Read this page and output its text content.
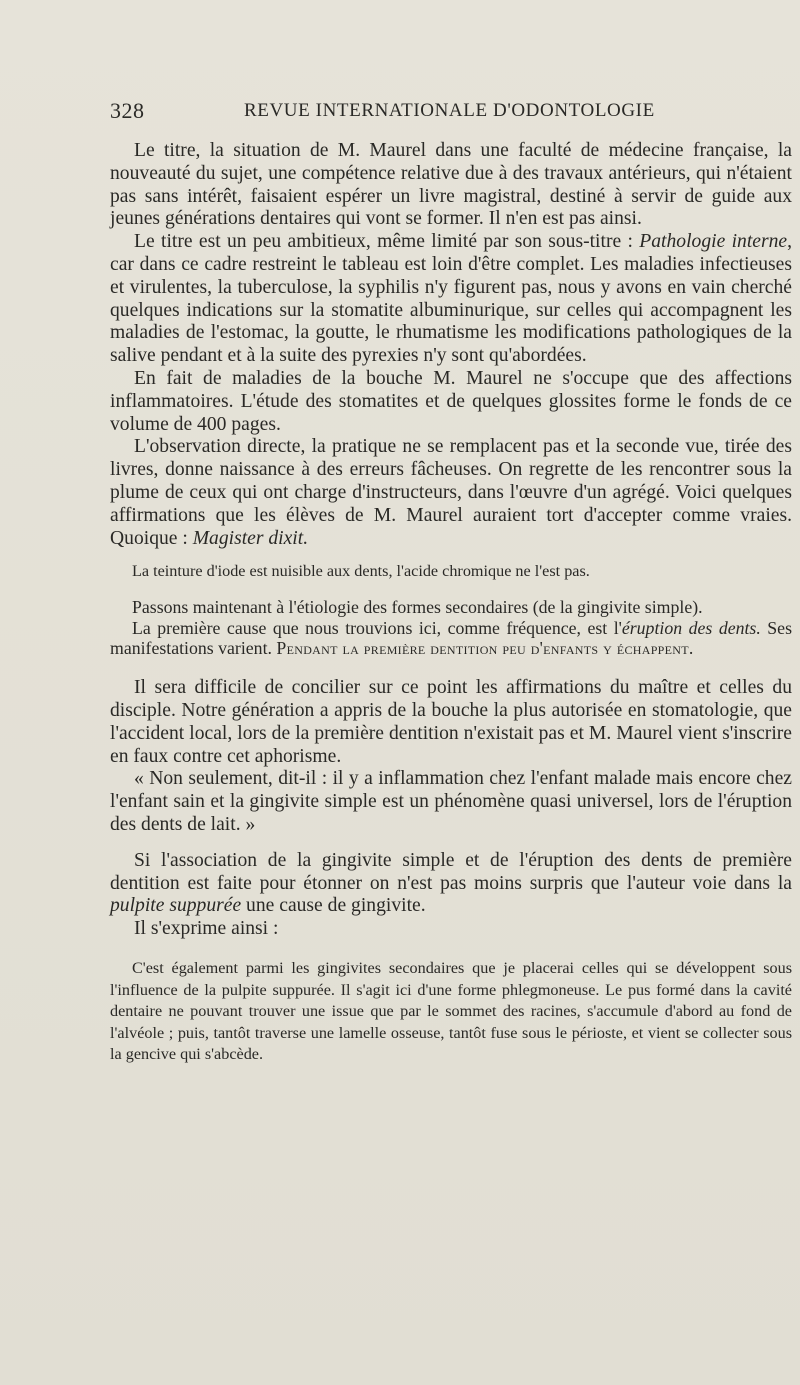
328	REVUE INTERNATIONALE D'ODONTOLOGIE

Le titre, la situation de M. Maurel dans une faculté de médecine française, la nouveauté du sujet, une compétence relative due à des travaux antérieurs, qui n'étaient pas sans intérêt, faisaient espérer un livre magistral, destiné à servir de guide aux jeunes générations dentaires qui vont se former. Il n'en est pas ainsi.

Le titre est un peu ambitieux, même limité par son sous-titre : Pathologie interne, car dans ce cadre restreint le tableau est loin d'être complet. Les maladies infectieuses et virulentes, la tuberculose, la syphilis n'y figurent pas, nous y avons en vain cherché quelques indications sur la stomatite albuminurique, sur celles qui accompagnent les maladies de l'estomac, la goutte, le rhumatisme les modifications pathologiques de la salive pendant et à la suite des pyrexies n'y sont qu'abordées.

En fait de maladies de la bouche M. Maurel ne s'occupe que des affections inflammatoires. L'étude des stomatites et de quelques glossites forme le fonds de ce volume de 400 pages.

L'observation directe, la pratique ne se remplacent pas et la seconde vue, tirée des livres, donne naissance à des erreurs fâcheuses. On regrette de les rencontrer sous la plume de ceux qui ont charge d'instructeurs, dans l'œuvre d'un agrégé. Voici quelques affirmations que les élèves de M. Maurel auraient tort d'accepter comme vraies. Quoique : Magister dixit.

La teinture d'iode est nuisible aux dents, l'acide chromique ne l'est pas.

Passons maintenant à l'étiologie des formes secondaires (de la gingivite simple).

La première cause que nous trouvions ici, comme fréquence, est l'éruption des dents. Ses manifestations varient. Pendant la première dentition peu d'enfants y échappent.

Il sera difficile de concilier sur ce point les affirmations du maître et celles du disciple. Notre génération a appris de la bouche la plus autorisée en stomatologie, que l'accident local, lors de la première dentition n'existait pas et M. Maurel vient s'inscrire en faux contre cet aphorisme.

« Non seulement, dit-il : il y a inflammation chez l'enfant malade mais encore chez l'enfant sain et la gingivite simple est un phénomène quasi universel, lors de l'éruption des dents de lait. »

Si l'association de la gingivite simple et de l'éruption des dents de première dentition est faite pour étonner on n'est pas moins surpris que l'auteur voie dans la pulpite suppurée une cause de gingivite.

Il s'exprime ainsi :

C'est également parmi les gingivites secondaires que je placerai celles qui se développent sous l'influence de la pulpite suppurée. Il s'agit ici d'une forme phlegmoneuse. Le pus formé dans la cavité dentaire ne pouvant trouver une issue que par le sommet des racines, s'accumule d'abord au fond de l'alvéole ; puis, tantôt traverse une lamelle osseuse, tantôt fuse sous le périoste, et vient se collecter sous la gencive qui s'abcède.
